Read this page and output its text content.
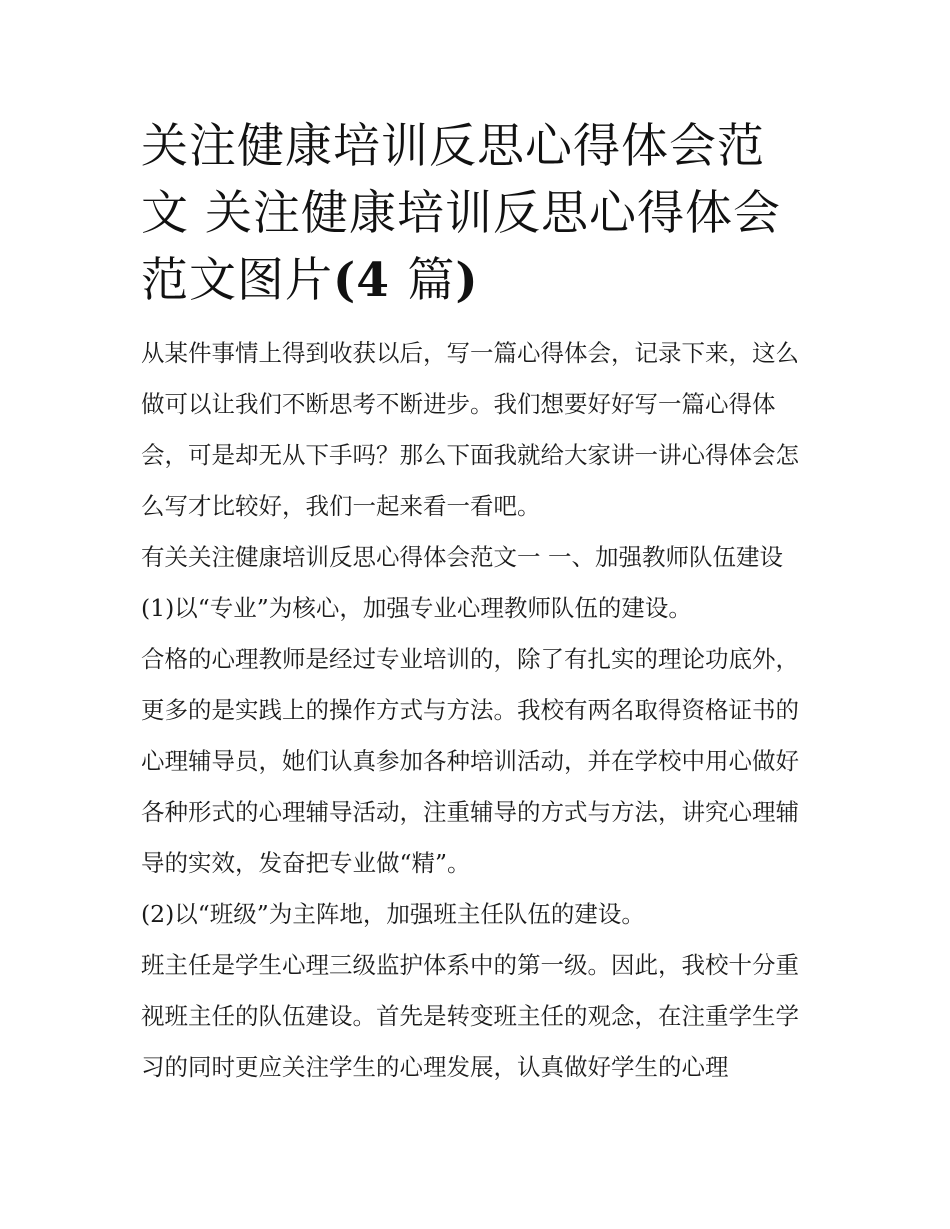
关注健康培训反思心得体会范
文 关注健康培训反思心得体会
范文图片(4 篇)

从某件事情上得到收获以后，写一篇心得体会，记录下来，这么做可以让我们不断思考不断进步。我们想要好好写一篇心得体会，可是却无从下手吗？那么下面我就给大家讲一讲心得体会怎么写才比较好，我们一起来看一看吧。

有关关注健康培训反思心得体会范文一 一、加强教师队伍建设 (1)以“专业”为核心，加强专业心理教师队伍的建设。

合格的心理教师是经过专业培训的，除了有扎实的理论功底外，更多的是实践上的操作方式与方法。我校有两名取得资格证书的心理辅导员，她们认真参加各种培训活动，并在学校中用心做好各种形式的心理辅导活动，注重辅导的方式与方法，讲究心理辅导的实效，发奋把专业做“精”。

(2)以“班级”为主阵地，加强班主任队伍的建设。

班主任是学生心理三级监护体系中的第一级。因此，我校十分重视班主任的队伍建设。首先是转变班主任的观念，在注重学生学习的同时更应关注学生的心理发展，认真做好学生的心理
